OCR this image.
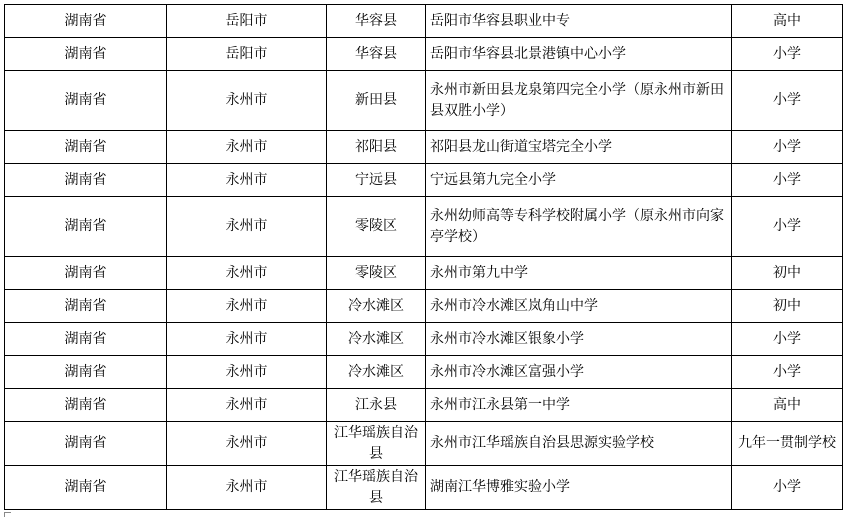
湖南省	岳阳市	华容县	岳阳市华容县职业中专	高中
湖南省	岳阳市	华容县	岳阳市华容县北景港镇中心小学	小学
湖南省	永州市	新田县	永州市新田县龙泉第四完全小学（原永州市新田县双胜小学）	小学
湖南省	永州市	祁阳县	祁阳县龙山街道宝塔完全小学	小学
湖南省	永州市	宁远县	宁远县第九完全小学	小学
湖南省	永州市	零陵区	永州幼师高等专科学校附属小学（原永州市向家亭学校）	小学
湖南省	永州市	零陵区	永州市第九中学	初中
湖南省	永州市	冷水滩区	永州市冷水滩区岚角山中学	初中
湖南省	永州市	冷水滩区	永州市冷水滩区银象小学	小学
湖南省	永州市	冷水滩区	永州市冷水滩区富强小学	小学
湖南省	永州市	江永县	永州市江永县第一中学	高中
湖南省	永州市	江华瑶族自治县	永州市江华瑶族自治县思源实验学校	九年一贯制学校
湖南省	永州市	江华瑶族自治县	湖南江华博雅实验小学	小学
